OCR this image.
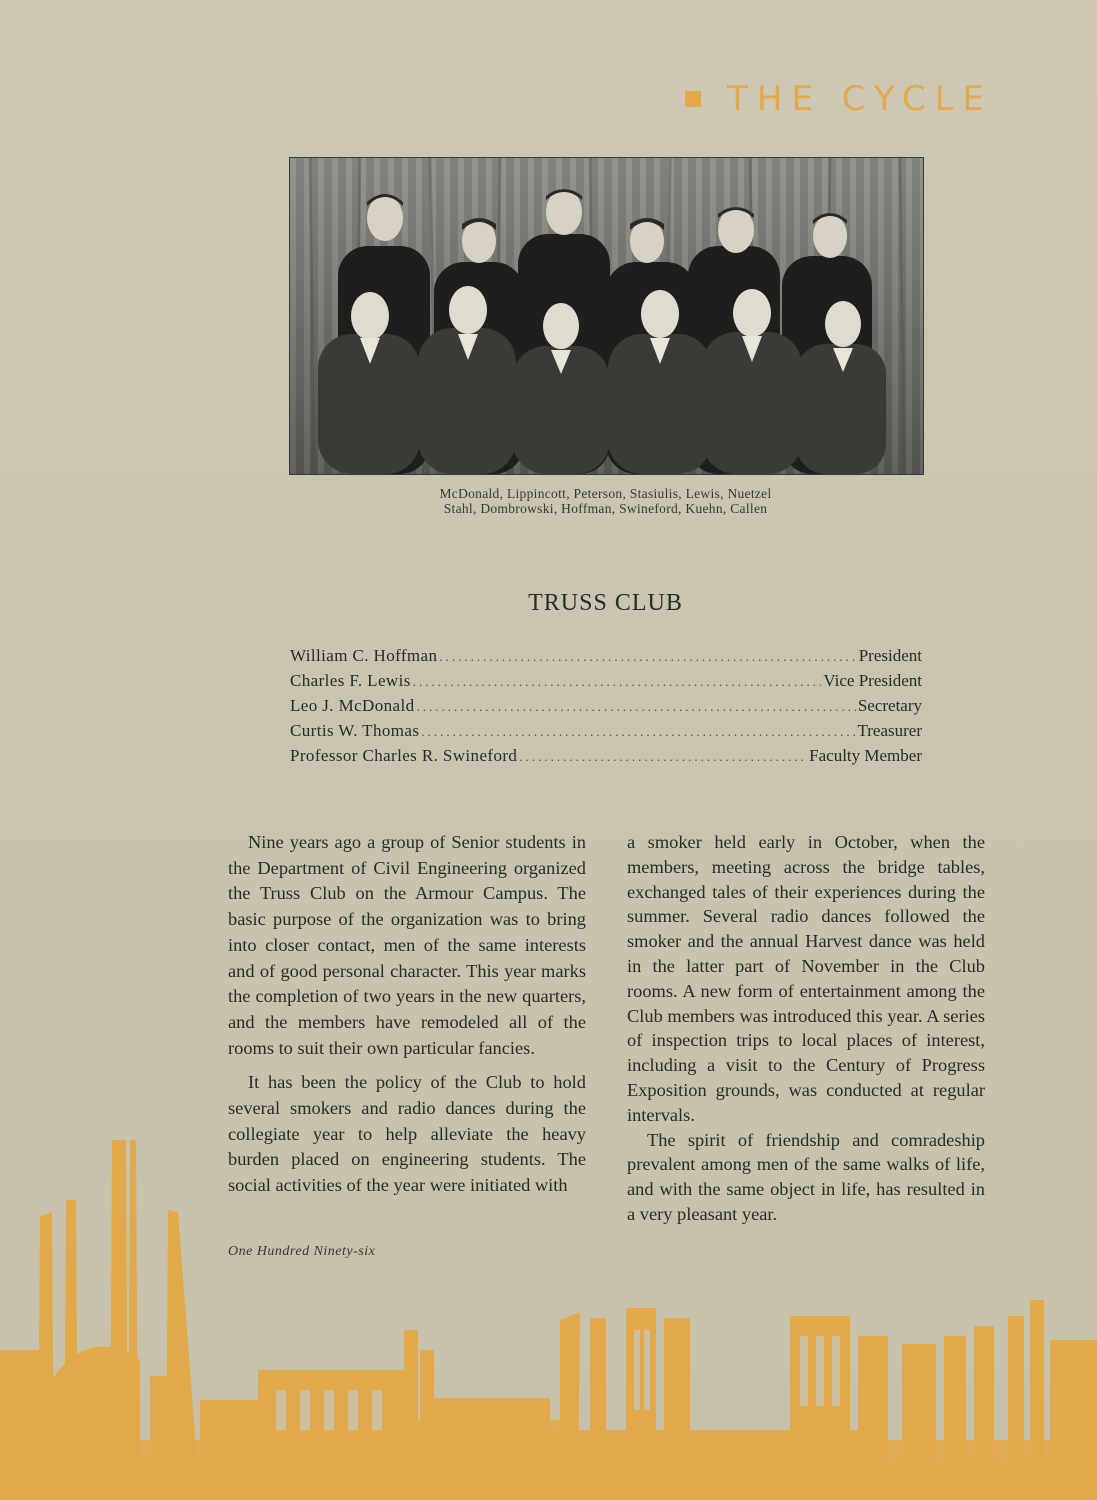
THE CYCLE
McDonald, Lippincott, Peterson, Stasiulis, Lewis, Nuetzel
Stahl, Dombrowski, Hoffman, Swineford, Kuehn, Callen
TRUSS CLUB
William C. Hoffman .....	President
Charles F. Lewis .....	Vice President
Leo J. McDonald .....	Secretary
Curtis W. Thomas .....	Treasurer
Professor Charles R. Swineford .....	Faculty Member

Nine years ago a group of Senior students in the Department of Civil Engineering organized the Truss Club on the Armour Campus. The basic purpose of the organization was to bring into closer contact, men of the same interests and of good personal character. This year marks the completion of two years in the new quarters, and the members have remodeled all of the rooms to suit their own particular fancies.

It has been the policy of the Club to hold several smokers and radio dances during the collegiate year to help alleviate the heavy burden placed on engineering students. The social activities of the year were initiated with

a smoker held early in October, when the members, meeting across the bridge tables, exchanged tales of their experiences during the summer. Several radio dances followed the smoker and the annual Harvest dance was held in the latter part of November in the Club rooms. A new form of entertainment among the Club members was introduced this year. A series of inspection trips to local places of interest, including a visit to the Century of Progress Exposition grounds, was conducted at regular intervals.

The spirit of friendship and comradeship prevalent among men of the same walks of life, and with the same object in life, has resulted in a very pleasant year.

One Hundred Ninety-six
